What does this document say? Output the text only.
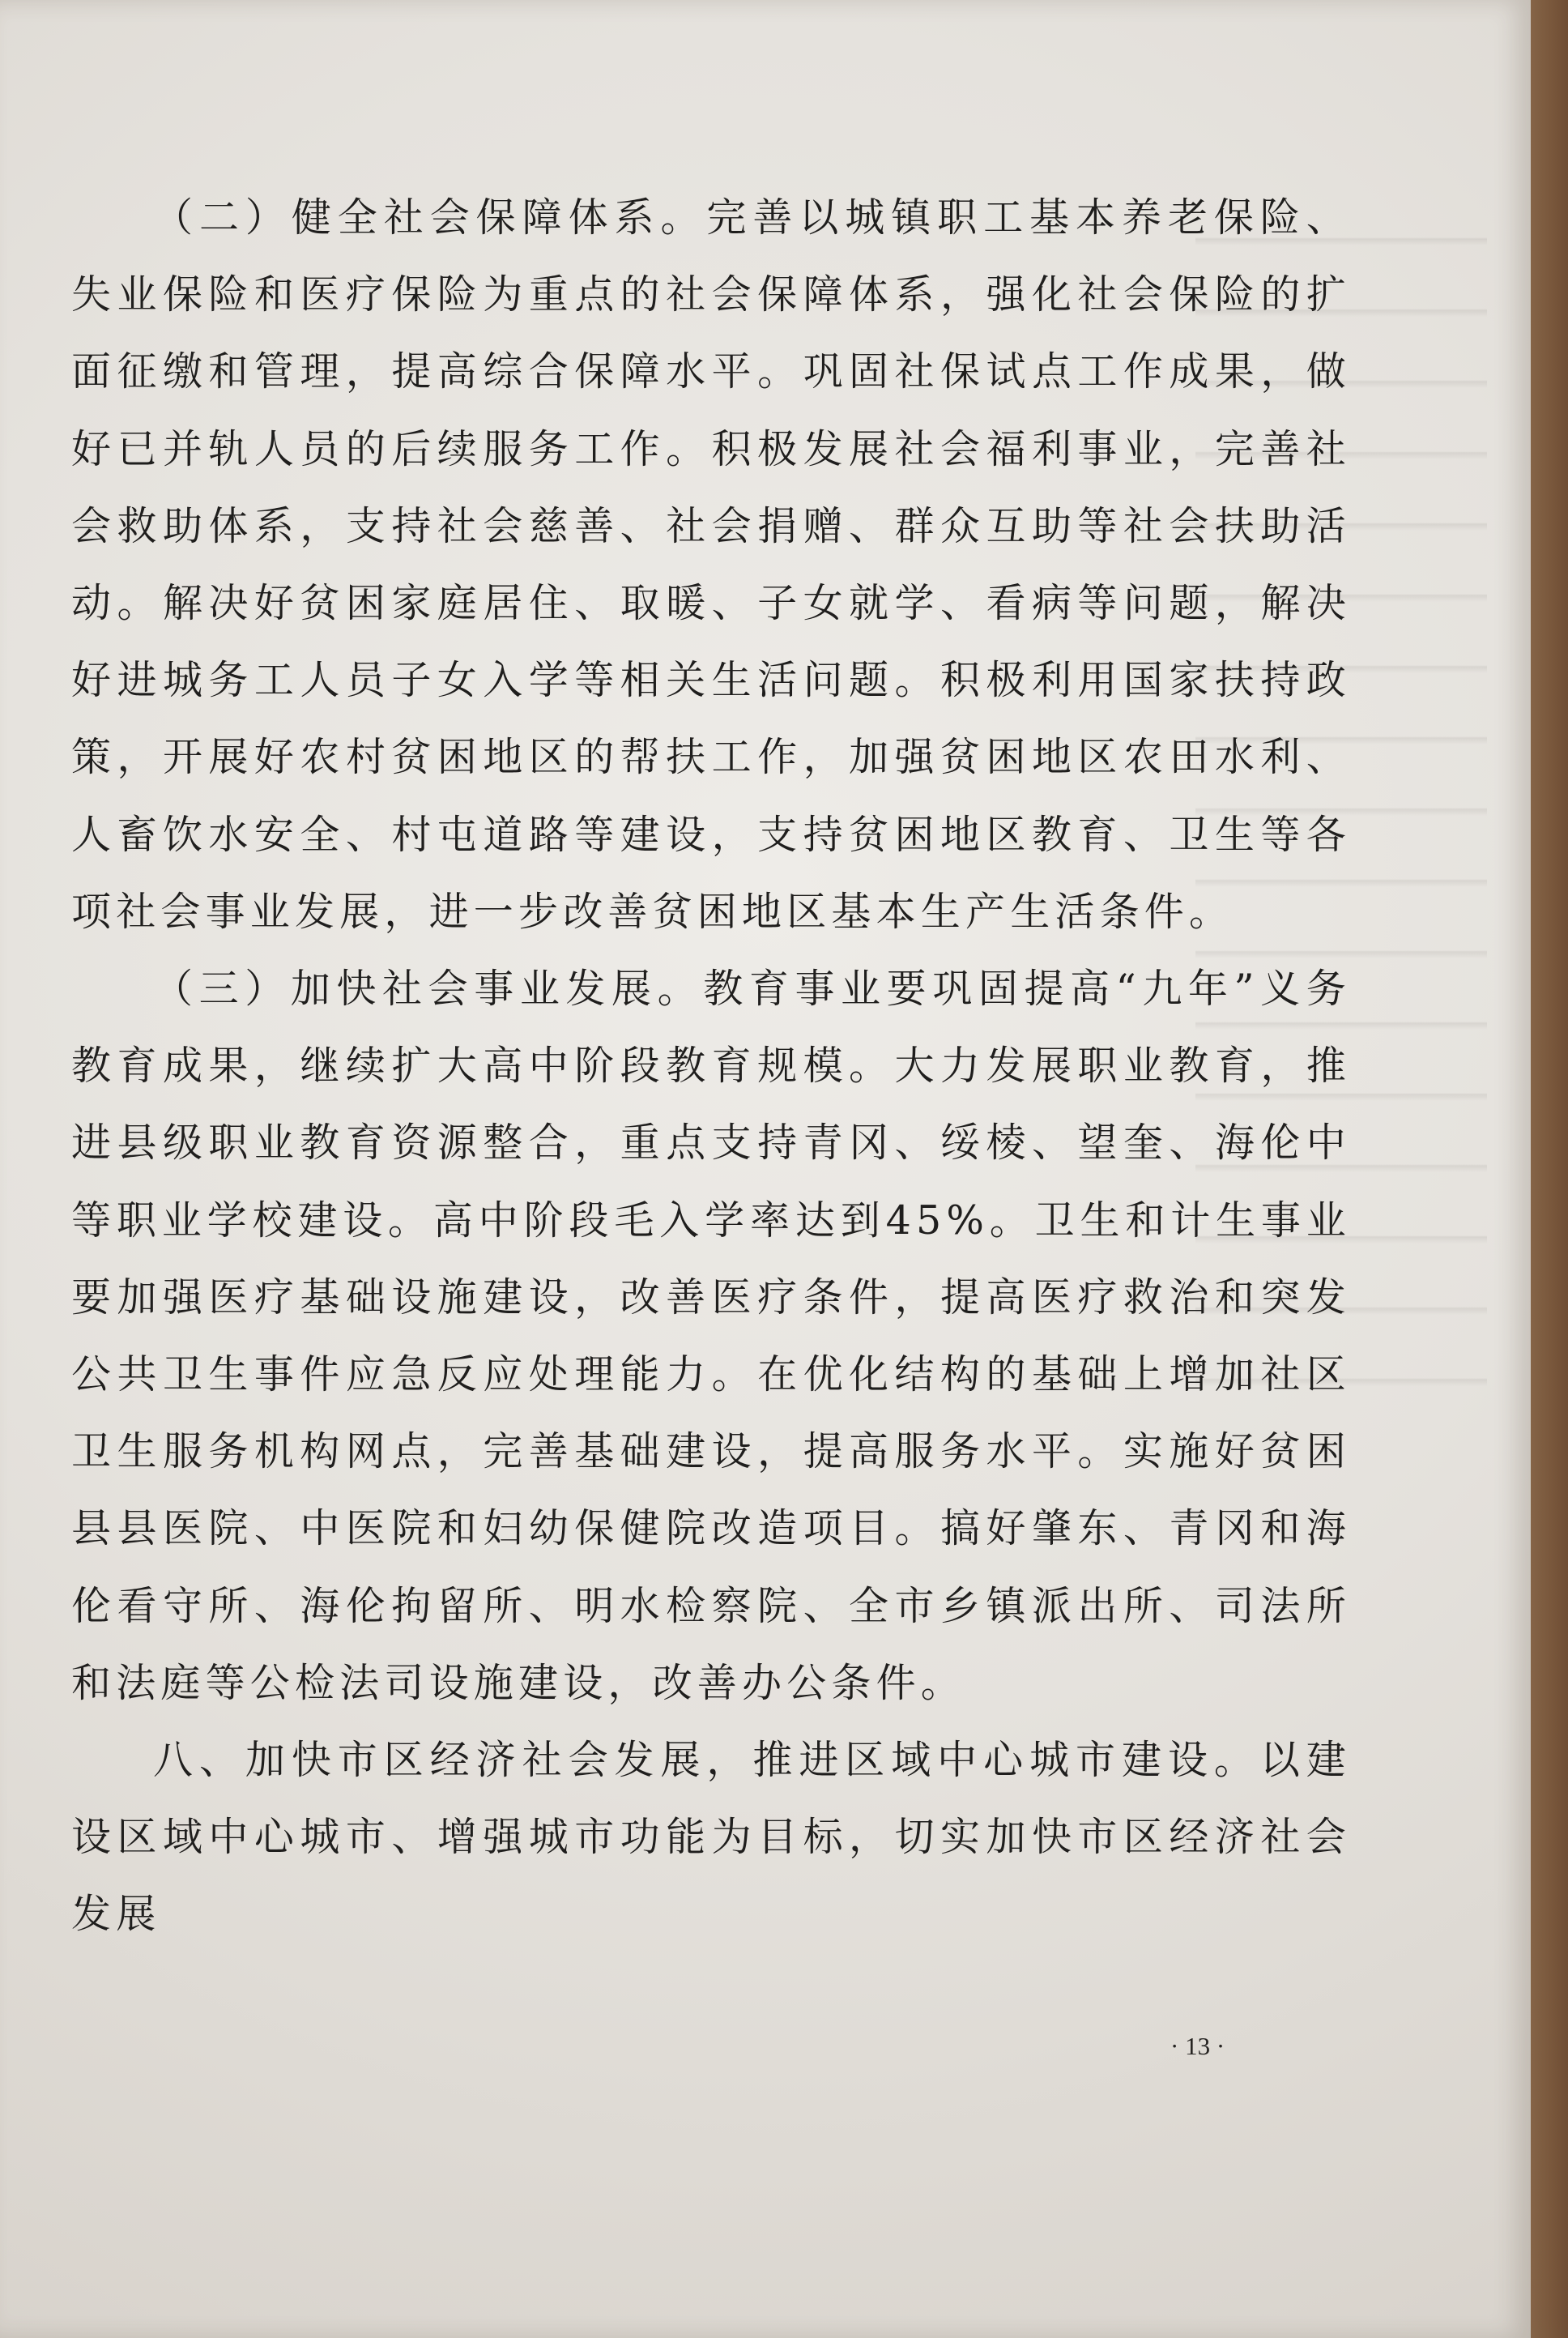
（二）健全社会保障体系。完善以城镇职工基本养老保险、失业保险和医疗保险为重点的社会保障体系，强化社会保险的扩面征缴和管理，提高综合保障水平。巩固社保试点工作成果，做好已并轨人员的后续服务工作。积极发展社会福利事业，完善社会救助体系，支持社会慈善、社会捐赠、群众互助等社会扶助活动。解决好贫困家庭居住、取暖、子女就学、看病等问题，解决好进城务工人员子女入学等相关生活问题。积极利用国家扶持政策，开展好农村贫困地区的帮扶工作，加强贫困地区农田水利、人畜饮水安全、村屯道路等建设，支持贫困地区教育、卫生等各项社会事业发展，进一步改善贫困地区基本生产生活条件。

（三）加快社会事业发展。教育事业要巩固提高“九年”义务教育成果，继续扩大高中阶段教育规模。大力发展职业教育，推进县级职业教育资源整合，重点支持青冈、绥棱、望奎、海伦中等职业学校建设。高中阶段毛入学率达到45%。卫生和计生事业要加强医疗基础设施建设，改善医疗条件，提高医疗救治和突发公共卫生事件应急反应处理能力。在优化结构的基础上增加社区卫生服务机构网点，完善基础建设，提高服务水平。实施好贫困县县医院、中医院和妇幼保健院改造项目。搞好肇东、青冈和海伦看守所、海伦拘留所、明水检察院、全市乡镇派出所、司法所和法庭等公检法司设施建设，改善办公条件。

八、加快市区经济社会发展，推进区域中心城市建设。以建设区域中心城市、增强城市功能为目标，切实加快市区经济社会发展

· 13 ·
